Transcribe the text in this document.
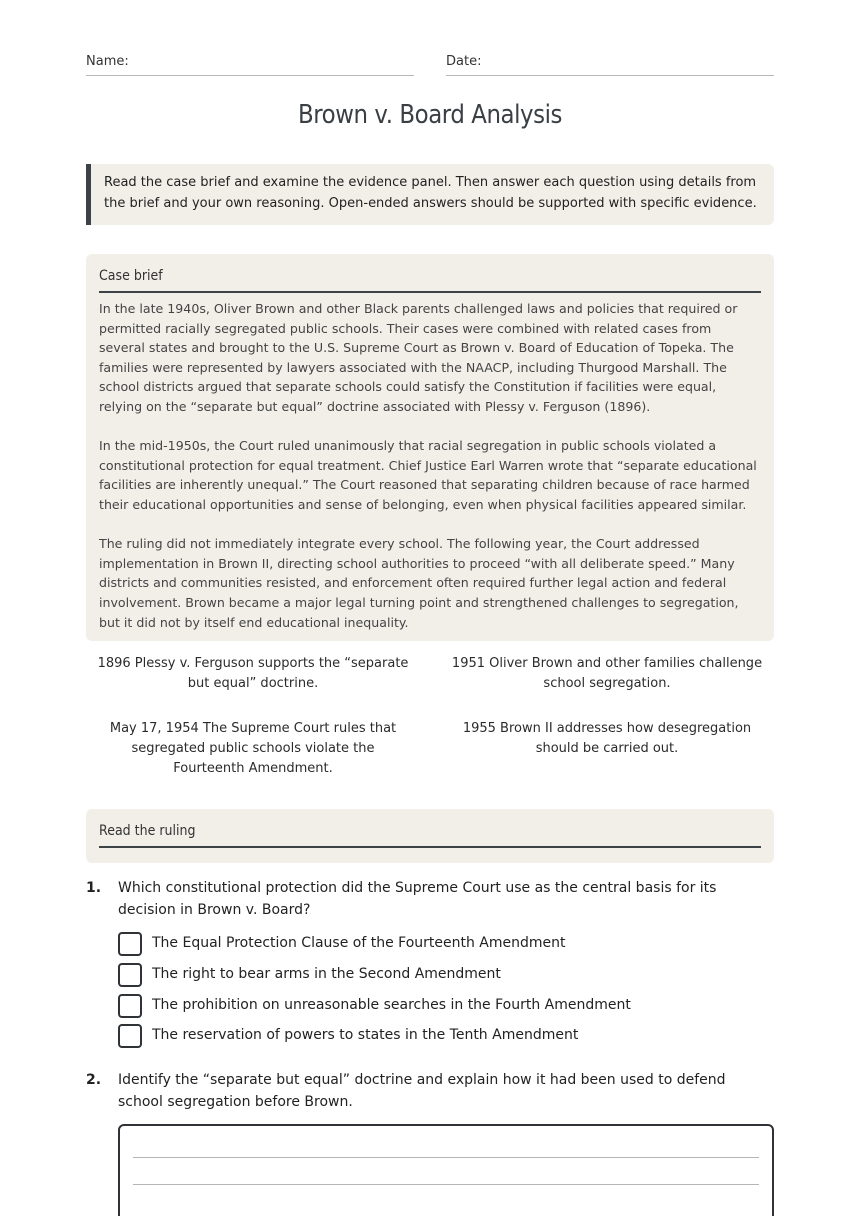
Name:	Date:
Brown v. Board Analysis
Read the case brief and examine the evidence panel. Then answer each question using details from the brief and your own reasoning. Open-ended answers should be supported with specific evidence.
Case brief

In the late 1940s, Oliver Brown and other Black parents challenged laws and policies that required or permitted racially segregated public schools. Their cases were combined with related cases from several states and brought to the U.S. Supreme Court as Brown v. Board of Education of Topeka. The families were represented by lawyers associated with the NAACP, including Thurgood Marshall. The school districts argued that separate schools could satisfy the Constitution if facilities were equal, relying on the “separate but equal” doctrine associated with Plessy v. Ferguson (1896).

In the mid-1950s, the Court ruled unanimously that racial segregation in public schools violated a constitutional protection for equal treatment. Chief Justice Earl Warren wrote that “separate educational facilities are inherently unequal.” The Court reasoned that separating children because of race harmed their educational opportunities and sense of belonging, even when physical facilities appeared similar.

The ruling did not immediately integrate every school. The following year, the Court addressed implementation in Brown II, directing school authorities to proceed “with all deliberate speed.” Many districts and communities resisted, and enforcement often required further legal action and federal involvement. Brown became a major legal turning point and strengthened challenges to segregation, but it did not by itself end educational inequality.

1896 Plessy v. Ferguson supports the “separate but equal” doctrine.
1951 Oliver Brown and other families challenge school segregation.
May 17, 1954 The Supreme Court rules that segregated public schools violate the Fourteenth Amendment.
1955 Brown II addresses how desegregation should be carried out.
Read the ruling
1. Which constitutional protection did the Supreme Court use as the central basis for its decision in Brown v. Board?
The Equal Protection Clause of the Fourteenth Amendment
The right to bear arms in the Second Amendment
The prohibition on unreasonable searches in the Fourth Amendment
The reservation of powers to states in the Tenth Amendment
2. Identify the “separate but equal” doctrine and explain how it had been used to defend school segregation before Brown.
